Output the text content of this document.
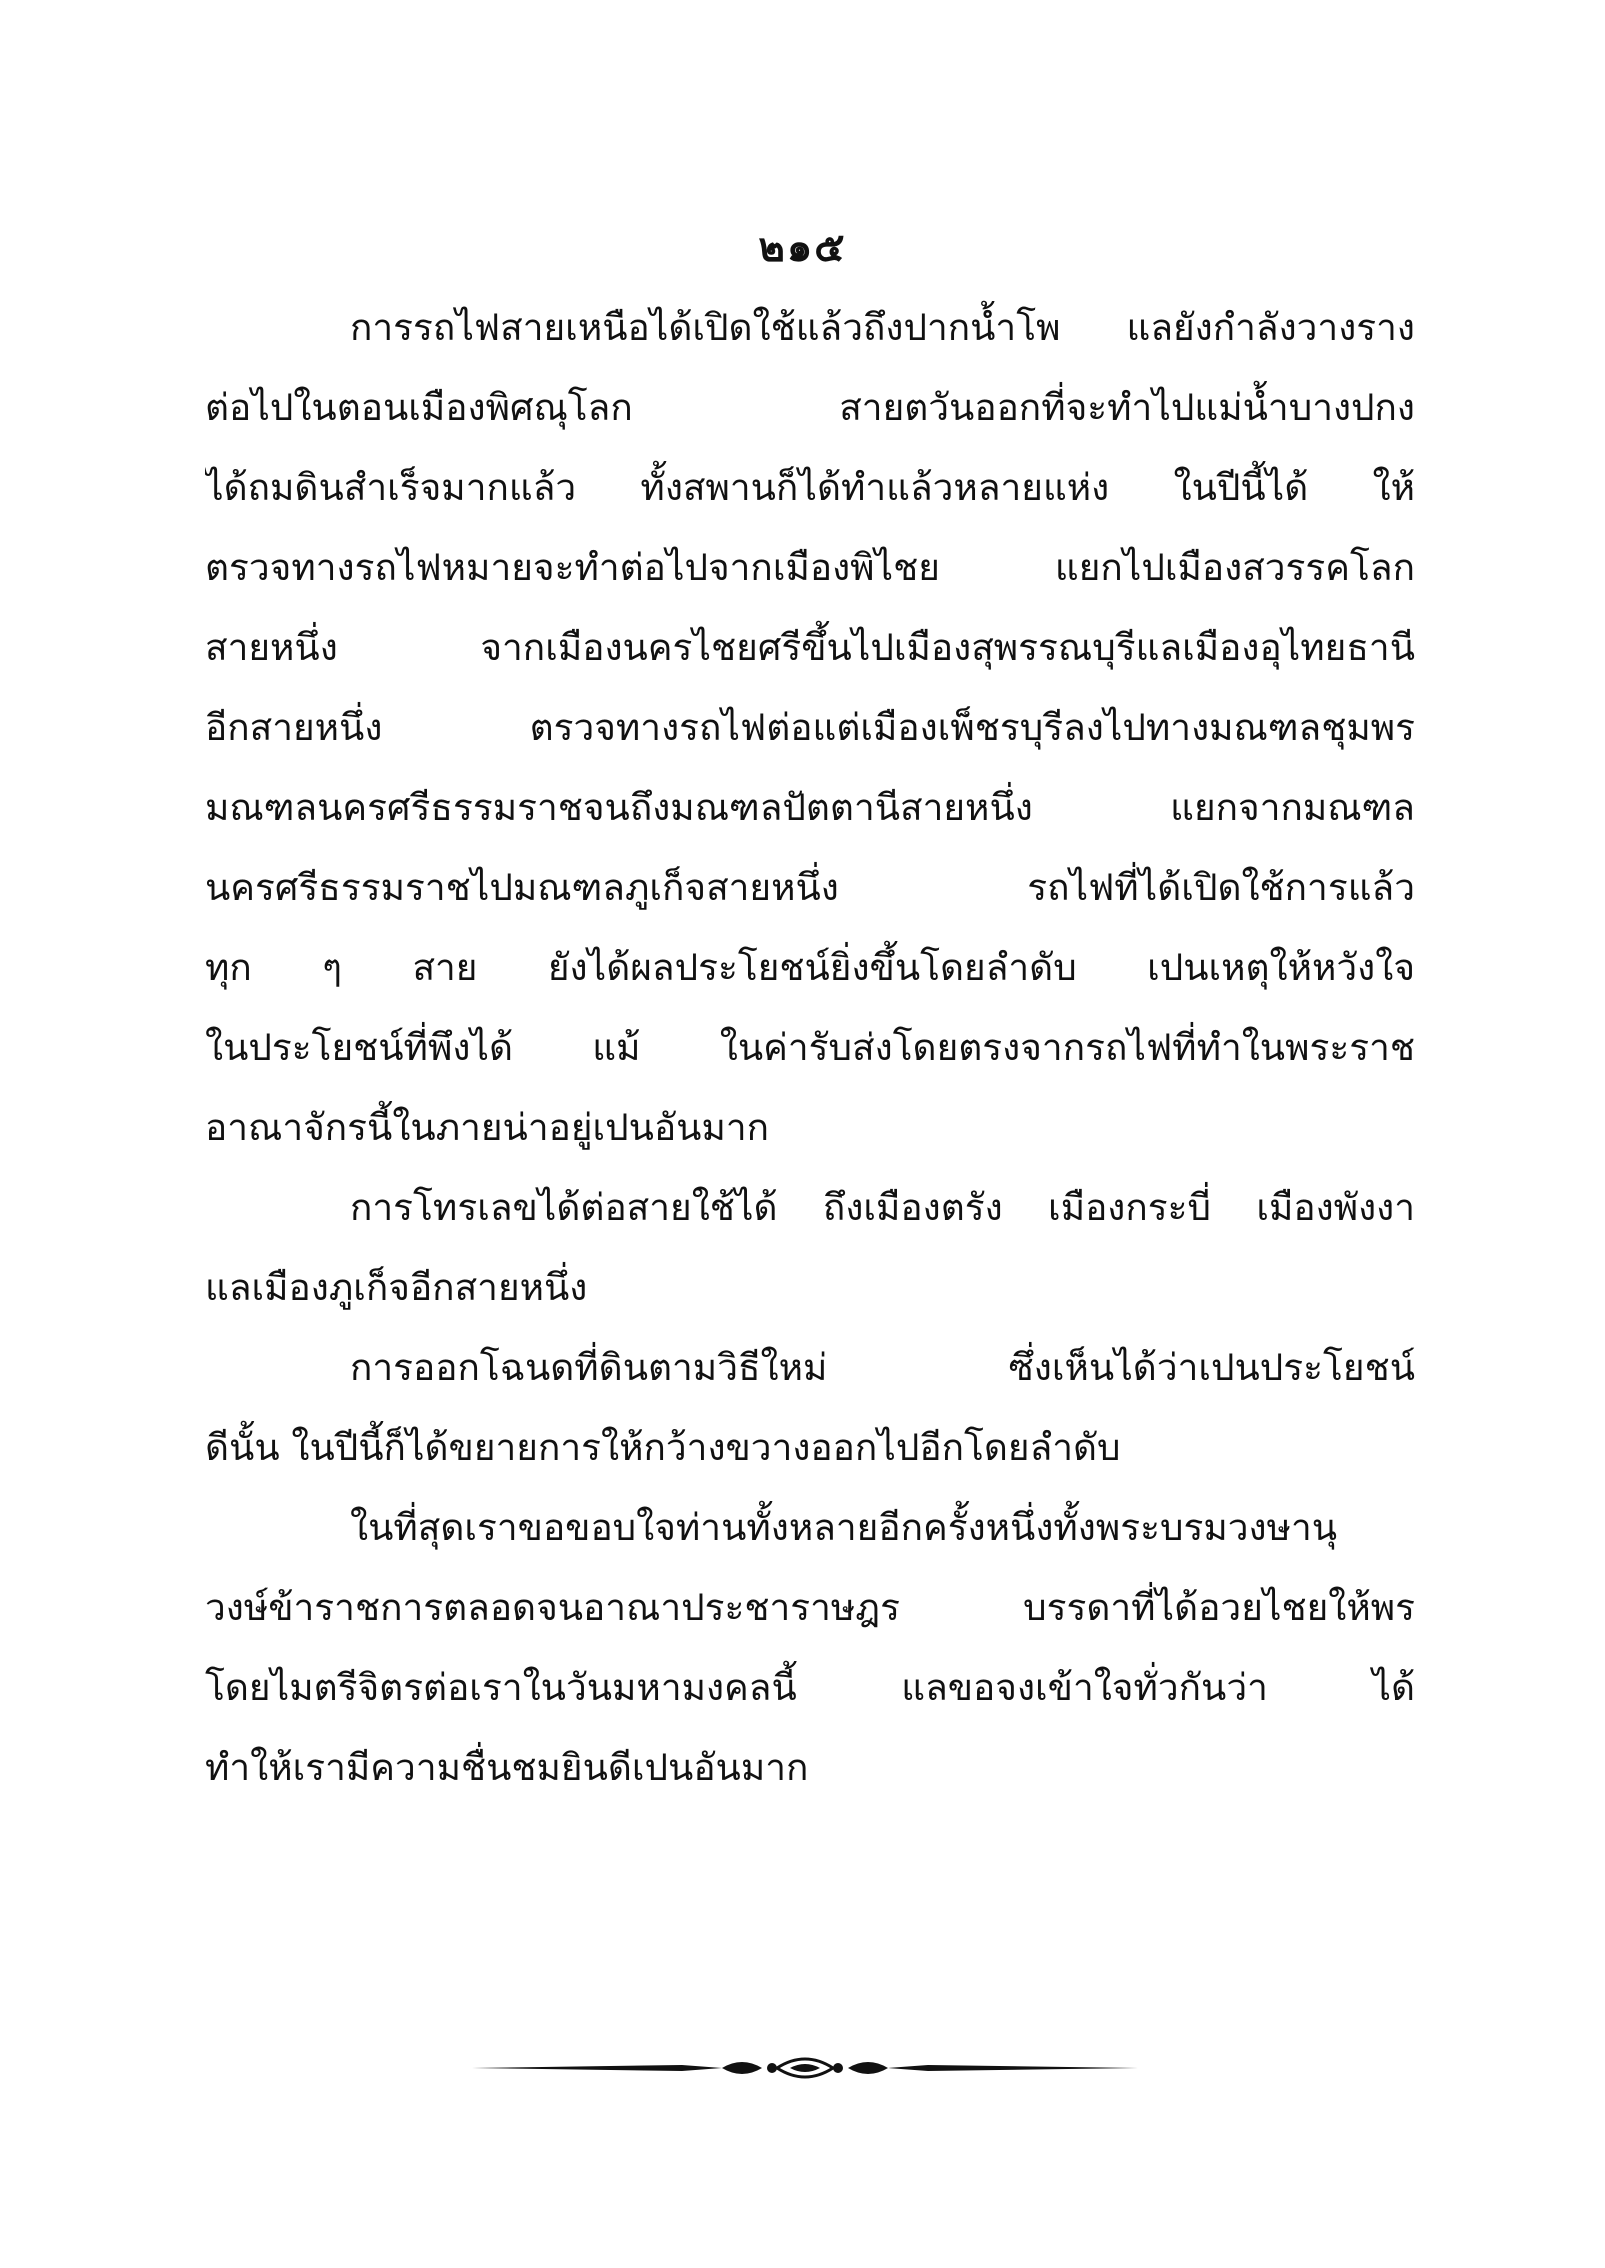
๒๑๕
การรถไฟสายเหนือได้เปิดใช้แล้วถึงปากน้ำโพ แลยังกำลังวางราง
ต่อไปในตอนเมืองพิศณุโลก สายตวันออกที่จะทำไปแม่น้ำบางปกง
ได้ถมดินสำเร็จมากแล้ว ทั้งสพานก็ได้ทำแล้วหลายแห่ง ในปีนี้ได้ ให้
ตรวจทางรถไฟหมายจะทำต่อไปจากเมืองพิไชย แยกไปเมืองสวรรคโลก
สายหนึ่ง จากเมืองนครไชยศรีขึ้นไปเมืองสุพรรณบุรีแลเมืองอุไทยธานี
อีกสายหนึ่ง ตรวจทางรถไฟต่อแต่เมืองเพ็ชรบุรีลงไปทางมณฑลชุมพร
มณฑลนครศรีธรรมราชจนถึงมณฑลปัตตานีสายหนึ่ง แยกจากมณฑล
นครศรีธรรมราชไปมณฑลภูเก็จสายหนึ่ง รถไฟที่ได้เปิดใช้การแล้ว
ทุก ๆ สาย ยังได้ผลประโยชน์ยิ่งขึ้นโดยลำดับ เปนเหตุให้หวังใจ
ในประโยชน์ที่พึงได้ แม้ ในค่ารับส่งโดยตรงจากรถไฟที่ทำในพระราช
อาณาจักรนี้ในภายน่าอยู่เปนอันมาก
การโทรเลขได้ต่อสายใช้ได้ ถึงเมืองตรัง เมืองกระบี่ เมืองพังงา
แลเมืองภูเก็จอีกสายหนึ่ง
การออกโฉนดที่ดินตามวิธีใหม่ ซึ่งเห็นได้ว่าเปนประโยชน์
ดีนั้น ในปีนี้ก็ได้ขยายการให้กว้างขวางออกไปอีกโดยลำดับ
ในที่สุดเราขอขอบใจท่านทั้งหลายอีกครั้งหนึ่งทั้งพระบรมวงษานุ
วงษ์ข้าราชการตลอดจนอาณาประชาราษฎร บรรดาที่ได้อวยไชยให้พร
โดยไมตรีจิตรต่อเราในวันมหามงคลนี้ แลขอจงเข้าใจทั่วกันว่า ได้
ทำให้เรามีความชื่นชมยินดีเปนอันมาก
